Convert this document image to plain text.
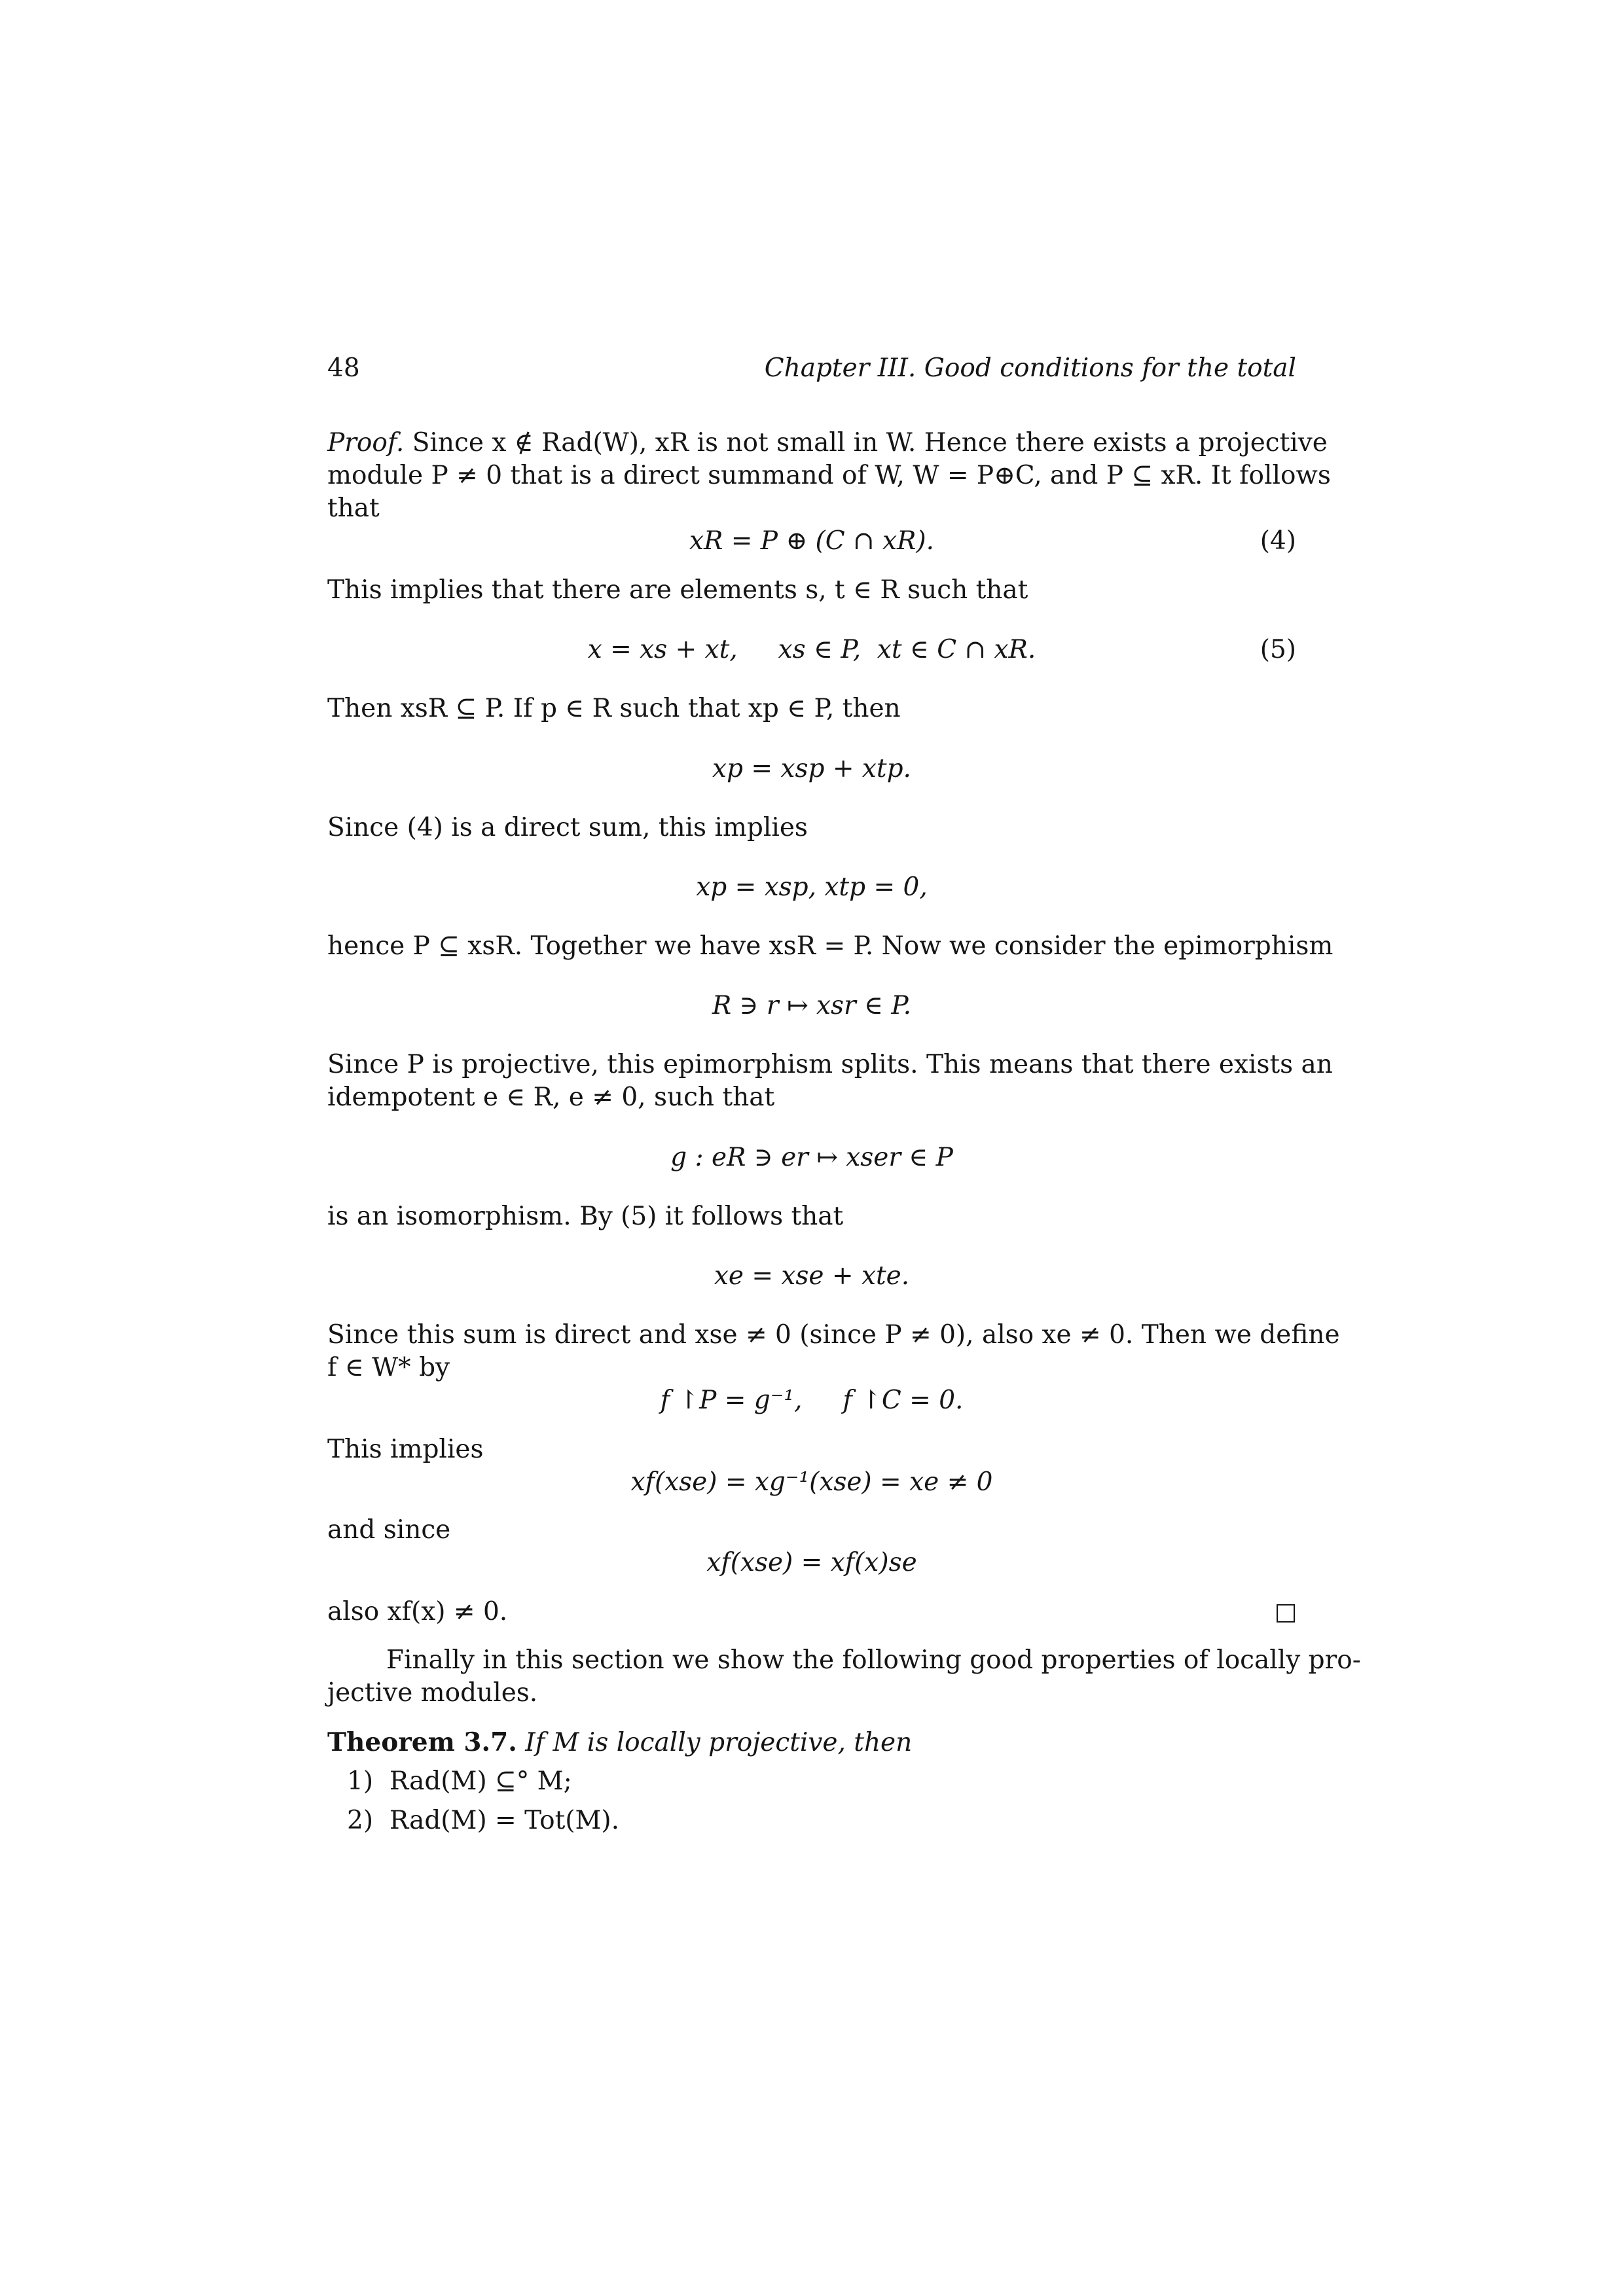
48	Chapter III. Good conditions for the total
Proof. Since x ∉ Rad(W), xR is not small in W. Hence there exists a projective
module P ≠ 0 that is a direct summand of W, W = P⊕C, and P ⊆ xR. It follows
that
xR = P ⊕ (C ∩ xR).	(4)
This implies that there are elements s, t ∈ R such that
x = xs + xt,     xs ∈ P,  xt ∈ C ∩ xR.	(5)
Then xsR ⊆ P. If p ∈ R such that xp ∈ P, then
xp = xsp + xtp.
Since (4) is a direct sum, this implies
xp = xsp, xtp = 0,
hence P ⊆ xsR. Together we have xsR = P. Now we consider the epimorphism
R ∋ r ↦ xsr ∈ P.
Since P is projective, this epimorphism splits. This means that there exists an
idempotent e ∈ R, e ≠ 0, such that
g : eR ∋ er ↦ xser ∈ P
is an isomorphism. By (5) it follows that
xe = xse + xte.
Since this sum is direct and xse ≠ 0 (since P ≠ 0), also xe ≠ 0. Then we define
f ∈ W* by
f ↾P = g⁻¹,     f ↾C = 0.
This implies
xf(xse) = xg⁻¹(xse) = xe ≠ 0
and since
xf(xse) = xf(x)se
also xf(x) ≠ 0.
Finally in this section we show the following good properties of locally pro-
jective modules.
Theorem 3.7. If M is locally projective, then
1)  Rad(M) ⊆° M;
2)  Rad(M) = Tot(M).
